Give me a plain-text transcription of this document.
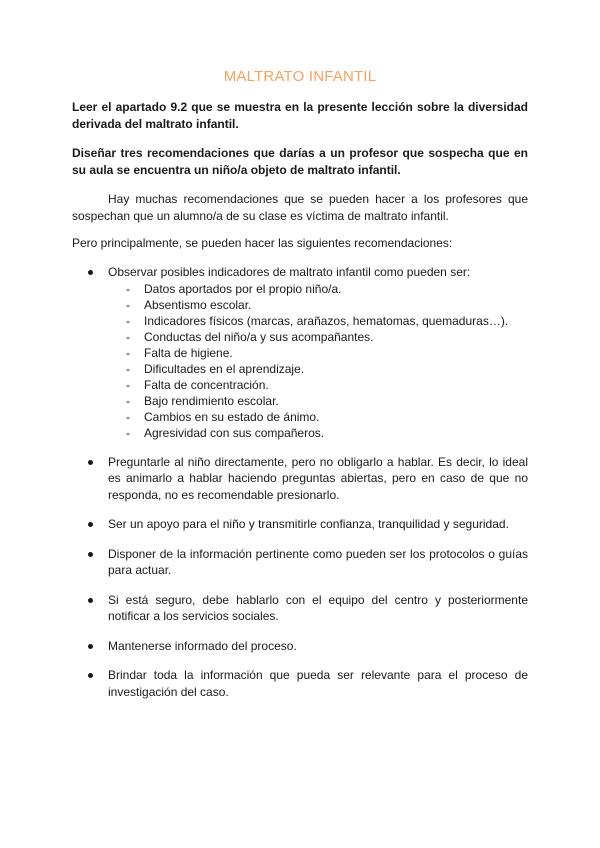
MALTRATO INFANTIL

Leer el apartado 9.2 que se muestra en la presente lección sobre la diversidad derivada del maltrato infantil.

Diseñar tres recomendaciones que darías a un profesor que sospecha que en su aula se encuentra un niño/a objeto de maltrato infantil.

Hay muchas recomendaciones que se pueden hacer a los profesores que sospechan que un alumno/a de su clase es víctima de maltrato infantil.

Pero principalmente, se pueden hacer las siguientes recomendaciones:

Observar posibles indicadores de maltrato infantil como pueden ser:
- Datos aportados por el propio niño/a.
- Absentismo escolar.
- Indicadores físicos (marcas, arañazos, hematomas, quemaduras…).
- Conductas del niño/a y sus acompañantes.
- Falta de higiene.
- Dificultades en el aprendizaje.
- Falta de concentración.
- Bajo rendimiento escolar.
- Cambios en su estado de ánimo.
- Agresividad con sus compañeros.
Preguntarle al niño directamente, pero no obligarlo a hablar. Es decir, lo ideal es animarlo a hablar haciendo preguntas abiertas, pero en caso de que no responda, no es recomendable presionarlo.
Ser un apoyo para el niño y transmitirle confianza, tranquilidad y seguridad.
Disponer de la información pertinente como pueden ser los protocolos o guías para actuar.
Si está seguro, debe hablarlo con el equipo del centro y posteriormente notificar a los servicios sociales.
Mantenerse informado del proceso.
Brindar toda la información que pueda ser relevante para el proceso de investigación del caso.
